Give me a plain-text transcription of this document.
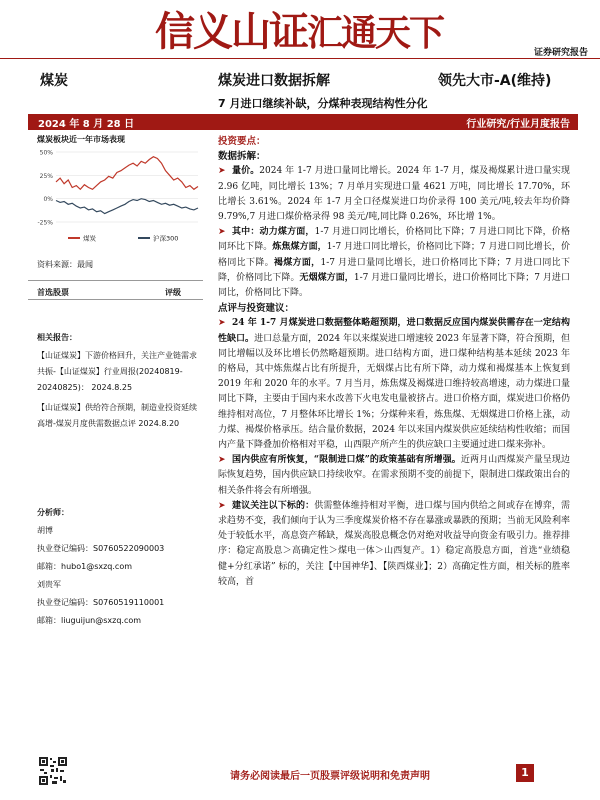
信义山证汇通天下	证券研究报告
煤炭	煤炭进口数据拆解	领先大市-A(维持)
7 月进口继续补缺，分煤种表现结构性分化
2024 年 8 月 28 日	行业研究/行业月度报告
煤炭板块近一年市场表现
50%
25%
0%
-25%
煤炭	沪深300
资料来源：最闻
首选股票	评级
相关报告：
【山证煤炭】下游价格回升，关注产业链需求共振-【山证煤炭】行业周报(20240819-20240825)： 2024.8.25
【山证煤炭】供给符合预期，制造业投资延续高增-煤炭月度供需数据点评 2024.8.20
分析师：
胡博
执业登记编码：S0760522090003
邮箱：hubo1@sxzq.com
刘贵军
执业登记编码：S0760519110001
邮箱：liuguijun@sxzq.com
投资要点：
数据拆解：
➤ 量价。2024 年 1-7 月进口量同比增长。2024 年 1-7 月，煤及褐煤累计进口量实现 2.96 亿吨，同比增长 13%；7 月单月实现进口量 4621 万吨，同比增长 17.70%，环比增长 3.61%。2024 年 1-7 月全口径煤炭进口均价录得 100 美元/吨,较去年均价降 9.79%,7 月进口煤价格录得 98 美元/吨,同比降 0.26%，环比增 1%。
➤ 其中：动力煤方面，1-7 月进口同比增长，价格同比下降；7 月进口同比下降，价格同环比下降。炼焦煤方面，1-7 月进口同比增长，价格同比下降；7 月进口同比增长，价格同比下降。褐煤方面，1-7 月进口量同比增长，进口价格同比下降；7 月进口同比下降，价格同比下降。无烟煤方面，1-7 月进口量同比增长，进口价格同比下降；7 月进口同比，价格同比下降。
点评与投资建议：
➤ 24 年 1-7 月煤炭进口数据整体略超预期，进口数据反应国内煤炭供需存在一定结构性缺口。进口总量方面，2024 年以来煤炭进口增速较 2023 年显著下降，符合预期，但同比增幅以及环比增长仍然略超预期。进口结构方面，进口煤种结构基本延续 2023 年的格局，其中炼焦煤占比有所提升，无烟煤占比有所下降，动力煤和褐煤基本上恢复到 2019 年和 2020 年的水平。7 月当月，炼焦煤及褐煤进口维持较高增速，动力煤进口量同比下降，主要由于国内来水改善下火电发电量被挤占。进口价格方面，煤炭进口价格仍维持相对高位，7 月整体环比增长 1%；分煤种来看，炼焦煤、无烟煤进口价格上涨，动力煤、褐煤价格承压。结合量价数据，2024 年以来国内煤炭供应延续结构性收缩；而国内产量下降叠加价格相对平稳，山西限产所产生的供应缺口主要通过进口煤来弥补。
➤ 国内供应有所恢复，“限制进口煤”的政策基础有所增强。近两月山西煤炭产量呈现边际恢复趋势，国内供应缺口持续收窄。在需求预期不变的前提下，限制进口煤政策出台的相关条件将会有所增强。
➤ 建议关注以下标的：供需整体维持相对平衡，进口煤与国内供给之间或存在博弈，需求趋势不变，我们倾向于认为三季度煤炭价格不存在暴涨或暴跌的预期；当前无风险利率处于较低水平，高息资产稀缺，煤炭高股息概念仍对绝对收益导向资金有吸引力。推荐排序：稳定高股息＞高确定性＞煤电一体＞山西复产。1）稳定高股息方面，首选“业绩稳健+分红承诺” 标的，关注【中国神华】、【陕西煤业】；2）高确定性方面，相关标的胜率较高，首
请务必阅读最后一页股票评级说明和免责声明	1
